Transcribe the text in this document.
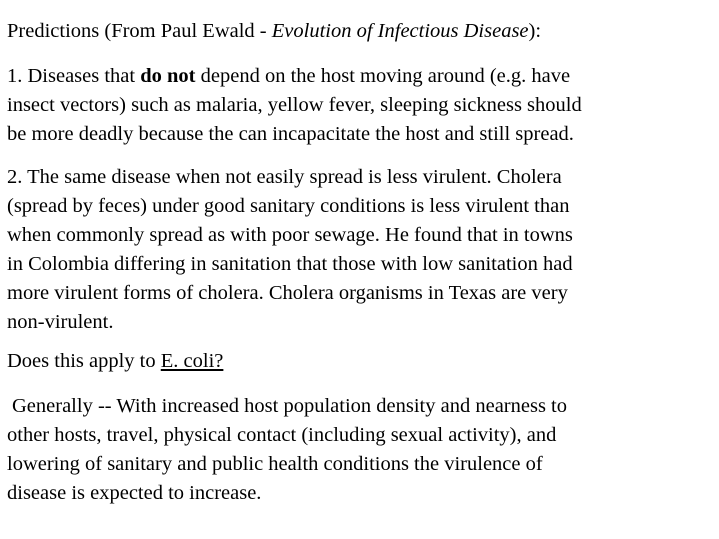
Predictions (From Paul Ewald - Evolution of Infectious Disease):

1. Diseases that do not depend on the host moving around (e.g. have
insect vectors) such as malaria, yellow fever, sleeping sickness should
be more deadly because the can incapacitate the host and still spread.

2. The same disease when not easily spread is less virulent. Cholera
(spread by feces) under good sanitary conditions is less virulent than
when commonly spread as with poor sewage. He found that in towns
in Colombia differing in sanitation that those with low sanitation had
more virulent forms of cholera. Cholera organisms in Texas are very
non-virulent.

Does this apply to E. coli?

Generally -- With increased host population density and nearness to
other hosts, travel, physical contact (including sexual activity), and
lowering of sanitary and public health conditions the virulence of
disease is expected to increase.
